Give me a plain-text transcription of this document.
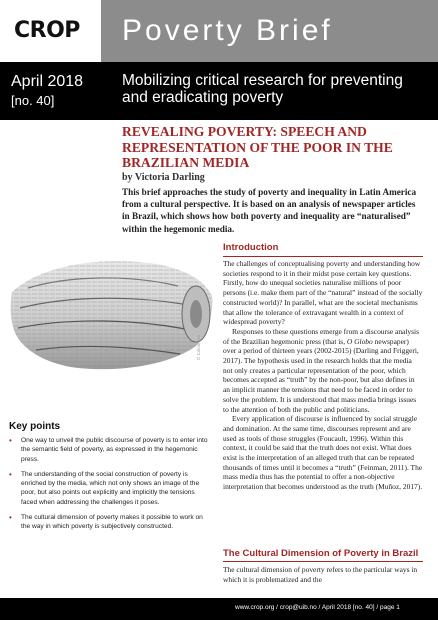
CROP Poverty Brief
April 2018
[no. 40]
Mobilizing critical research for preventing and eradicating poverty
REVEALING POVERTY: SPEECH AND REPRESENTATION OF THE POOR IN THE BRAZILIAN MEDIA
by Victoria Darling
This brief approaches the study of poverty and inequality in Latin America from a cultural perspective. It is based on an analysis of newspaper articles in Brazil, which shows how both poverty and inequality are “naturalised” within the hegemonic media.
© Colourbox
Key points
• One way to unveil the public discourse of poverty is to enter into the semantic field of poverty, as expressed in the hegemonic press.
• The understanding of the social construction of poverty is enriched by the media, which not only shows an image of the poor, but also points out explicitly and implicitly the tensions faced when addressing the challenges it poses.
• The cultural dimension of poverty makes it possible to work on the way in which poverty is subjectively constructed.
Introduction

The challenges of conceptualising poverty and understanding how societies respond to it in their midst pose certain key questions. Firstly, how do unequal societies naturalise millions of poor persons (i.e. make them part of the “natural” instead of the socially constructed world)? In parallel, what are the societal mechanisms that allow the tolerance of extravagant wealth in a context of widespread poverty?

Responses to these questions emerge from a discourse analysis of the Brazilian hegemonic press (that is, O Globo newspaper) over a period of thirteen years (2002-2015) (Darling and Friggeri, 2017). The hypothesis used in the research holds that the media not only creates a particular representation of the poor, which becomes accepted as “truth” by the non-poor, but also defines in an implicit manner the tensions that need to be faced in order to solve the problem. It is understood that mass media brings issues to the attention of both the public and politicians.

Every application of discourse is influenced by social struggle and domination. At the same time, discourses represent and are used as tools of those struggles (Foucault, 1996). Within this context, it could be said that the truth does not exist. What does exist is the interpretation of an alleged truth that can be repeated thousands of times until it becomes a “truth” (Feinman, 2011). The mass media thus has the potential to offer a non-objective interpretation that becomes understood as the truth (Muñoz, 2017).

The Cultural Dimension of Poverty in Brazil
The cultural dimension of poverty refers to the particular ways in which it is problematized and the
www.crop.org / crop@uib.no / April 2018 [no. 40] / page 1
